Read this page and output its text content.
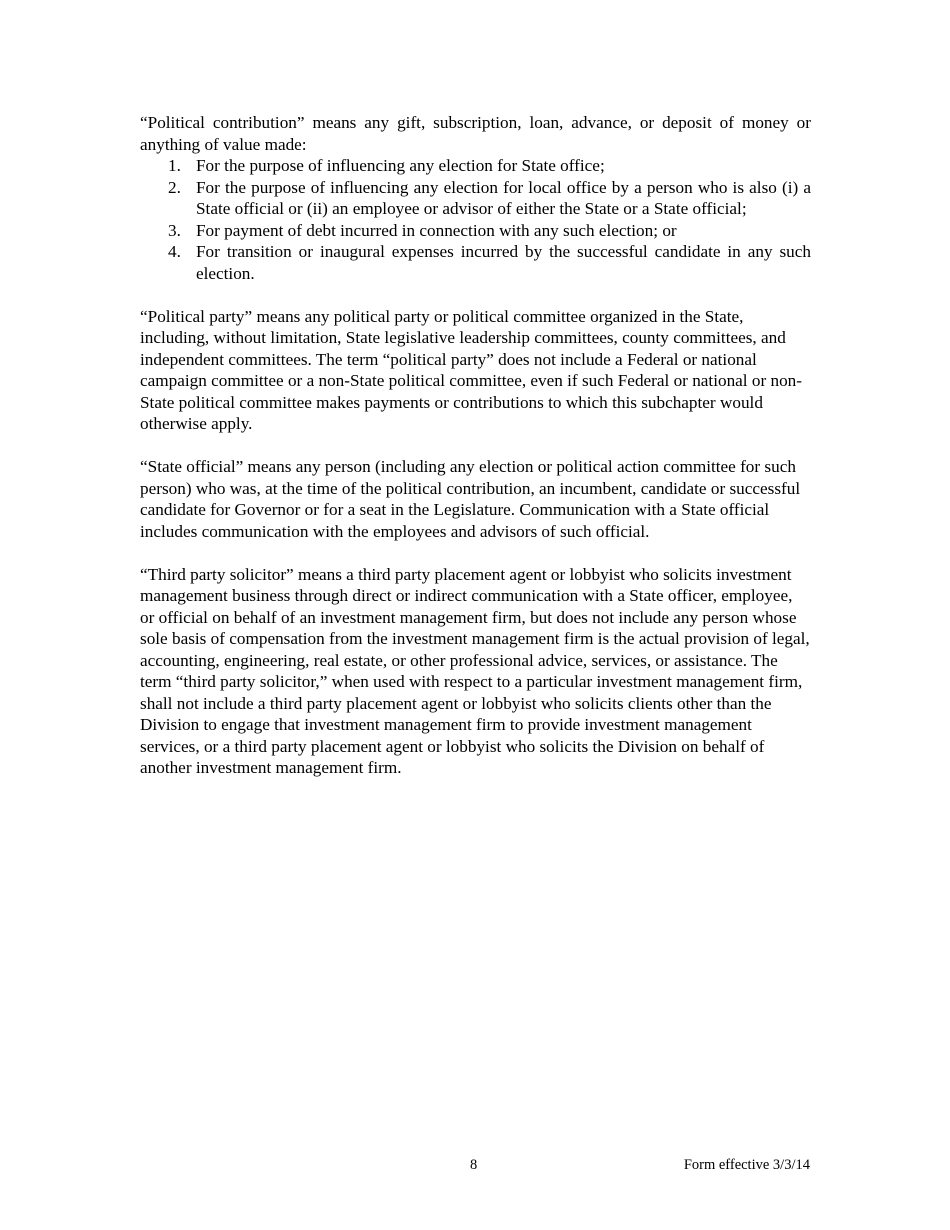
“Political contribution” means any gift, subscription, loan, advance, or deposit of money or anything of value made:

1. For the purpose of influencing any election for State office;
2. For the purpose of influencing any election for local office by a person who is also (i) a State official or (ii) an employee or advisor of either the State or a State official;
3. For payment of debt incurred in connection with any such election; or
4. For transition or inaugural expenses incurred by the successful candidate in any such election.

“Political party” means any political party or political committee organized in the State, including, without limitation, State legislative leadership committees, county committees, and independent committees. The term “political party” does not include a Federal or national campaign committee or a non-State political committee, even if such Federal or national or non-State political committee makes payments or contributions to which this subchapter would otherwise apply.

“State official” means any person (including any election or political action committee for such person) who was, at the time of the political contribution, an incumbent, candidate or successful candidate for Governor or for a seat in the Legislature. Communication with a State official includes communication with the employees and advisors of such official.

“Third party solicitor” means a third party placement agent or lobbyist who solicits investment management business through direct or indirect communication with a State officer, employee, or official on behalf of an investment management firm, but does not include any person whose sole basis of compensation from the investment management firm is the actual provision of legal, accounting, engineering, real estate, or other professional advice, services, or assistance. The term “third party solicitor,” when used with respect to a particular investment management firm, shall not include a third party placement agent or lobbyist who solicits clients other than the Division to engage that investment management firm to provide investment management services, or a third party placement agent or lobbyist who solicits the Division on behalf of another investment management firm.

8	Form effective 3/3/14
